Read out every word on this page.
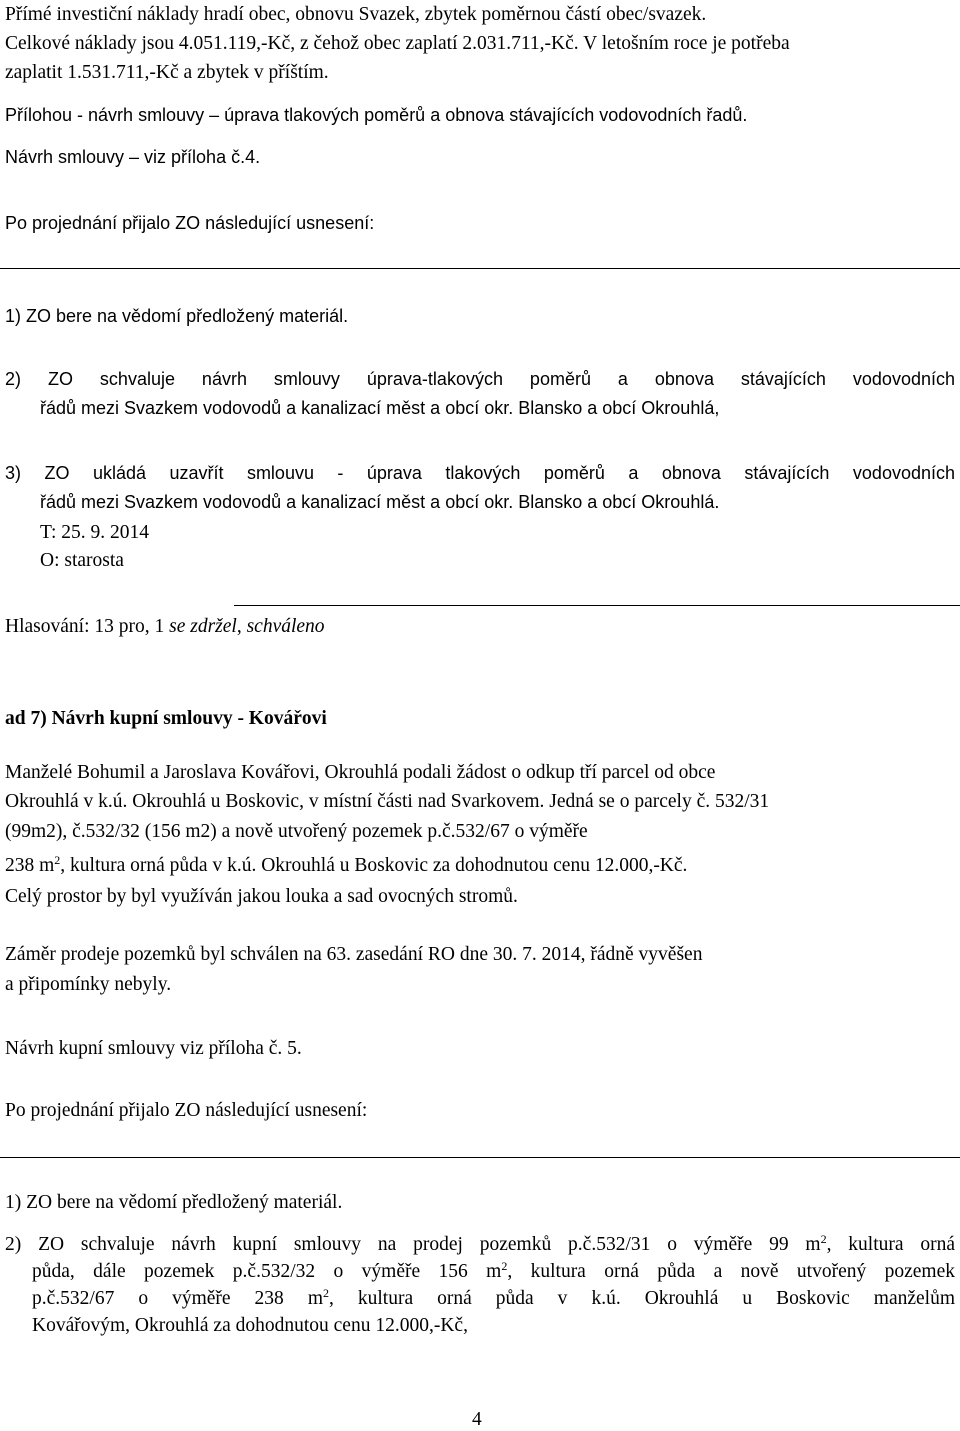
Přímé investiční náklady hradí obec, obnovu Svazek, zbytek poměrnou částí obec/svazek.
Celkové náklady jsou 4.051.119,-Kč, z čehož obec zaplatí 2.031.711,-Kč. V letošním roce je potřeba
zaplatit 1.531.711,-Kč a zbytek v příštím.
Přílohou - návrh smlouvy – úprava tlakových poměrů a obnova stávajících vodovodních řadů.
Návrh smlouvy – viz příloha č.4.
Po projednání přijalo ZO následující usnesení:
1) ZO bere na vědomí předložený materiál.
2) ZO schvaluje návrh smlouvy úprava-tlakových poměrů a obnova stávajících vodovodních
řádů mezi Svazkem vodovodů a kanalizací měst a obcí okr. Blansko a obcí Okrouhlá,
3) ZO ukládá uzavřít smlouvu - úprava tlakových poměrů a obnova stávajících vodovodních
řádů mezi Svazkem vodovodů a kanalizací měst a obcí okr. Blansko a obcí Okrouhlá.
T: 25. 9. 2014
O: starosta
Hlasování: 13 pro, 1 se zdržel, schváleno
ad 7) Návrh kupní smlouvy - Kovářovi
Manželé Bohumil a Jaroslava Kovářovi, Okrouhlá podali žádost o odkup tří parcel od obce
Okrouhlá v k.ú. Okrouhlá u Boskovic, v místní části nad Svarkovem. Jedná se o parcely č. 532/31
(99m2), č.532/32 (156 m2) a nově utvořený pozemek p.č.532/67 o výměře
238 $m^2$, kultura orná půda v k.ú. Okrouhlá u Boskovic za dohodnutou cenu 12.000,-Kč.
Celý prostor by byl využíván jakou louka a sad ovocných stromů.
Záměr prodeje pozemků byl schválen na 63. zasedání RO dne 30. 7. 2014, řádně vyvěšen
a připomínky nebyly.
Návrh kupní smlouvy viz příloha č. 5.
Po projednání přijalo ZO následující usnesení:
1) ZO bere na vědomí předložený materiál.
2) ZO schvaluje návrh kupní smlouvy na prodej pozemků p.č.532/31 o výměře 99 $m^2$, kultura orná
půda, dále pozemek p.č.532/32 o výměře 156 $m^2$, kultura orná půda a nově utvořený pozemek
p.č.532/67 o výměře 238 $m^2$, kultura orná půda v k.ú. Okrouhlá u Boskovic manželům
Kovářovým, Okrouhlá za dohodnutou cenu 12.000,-Kč,
4
